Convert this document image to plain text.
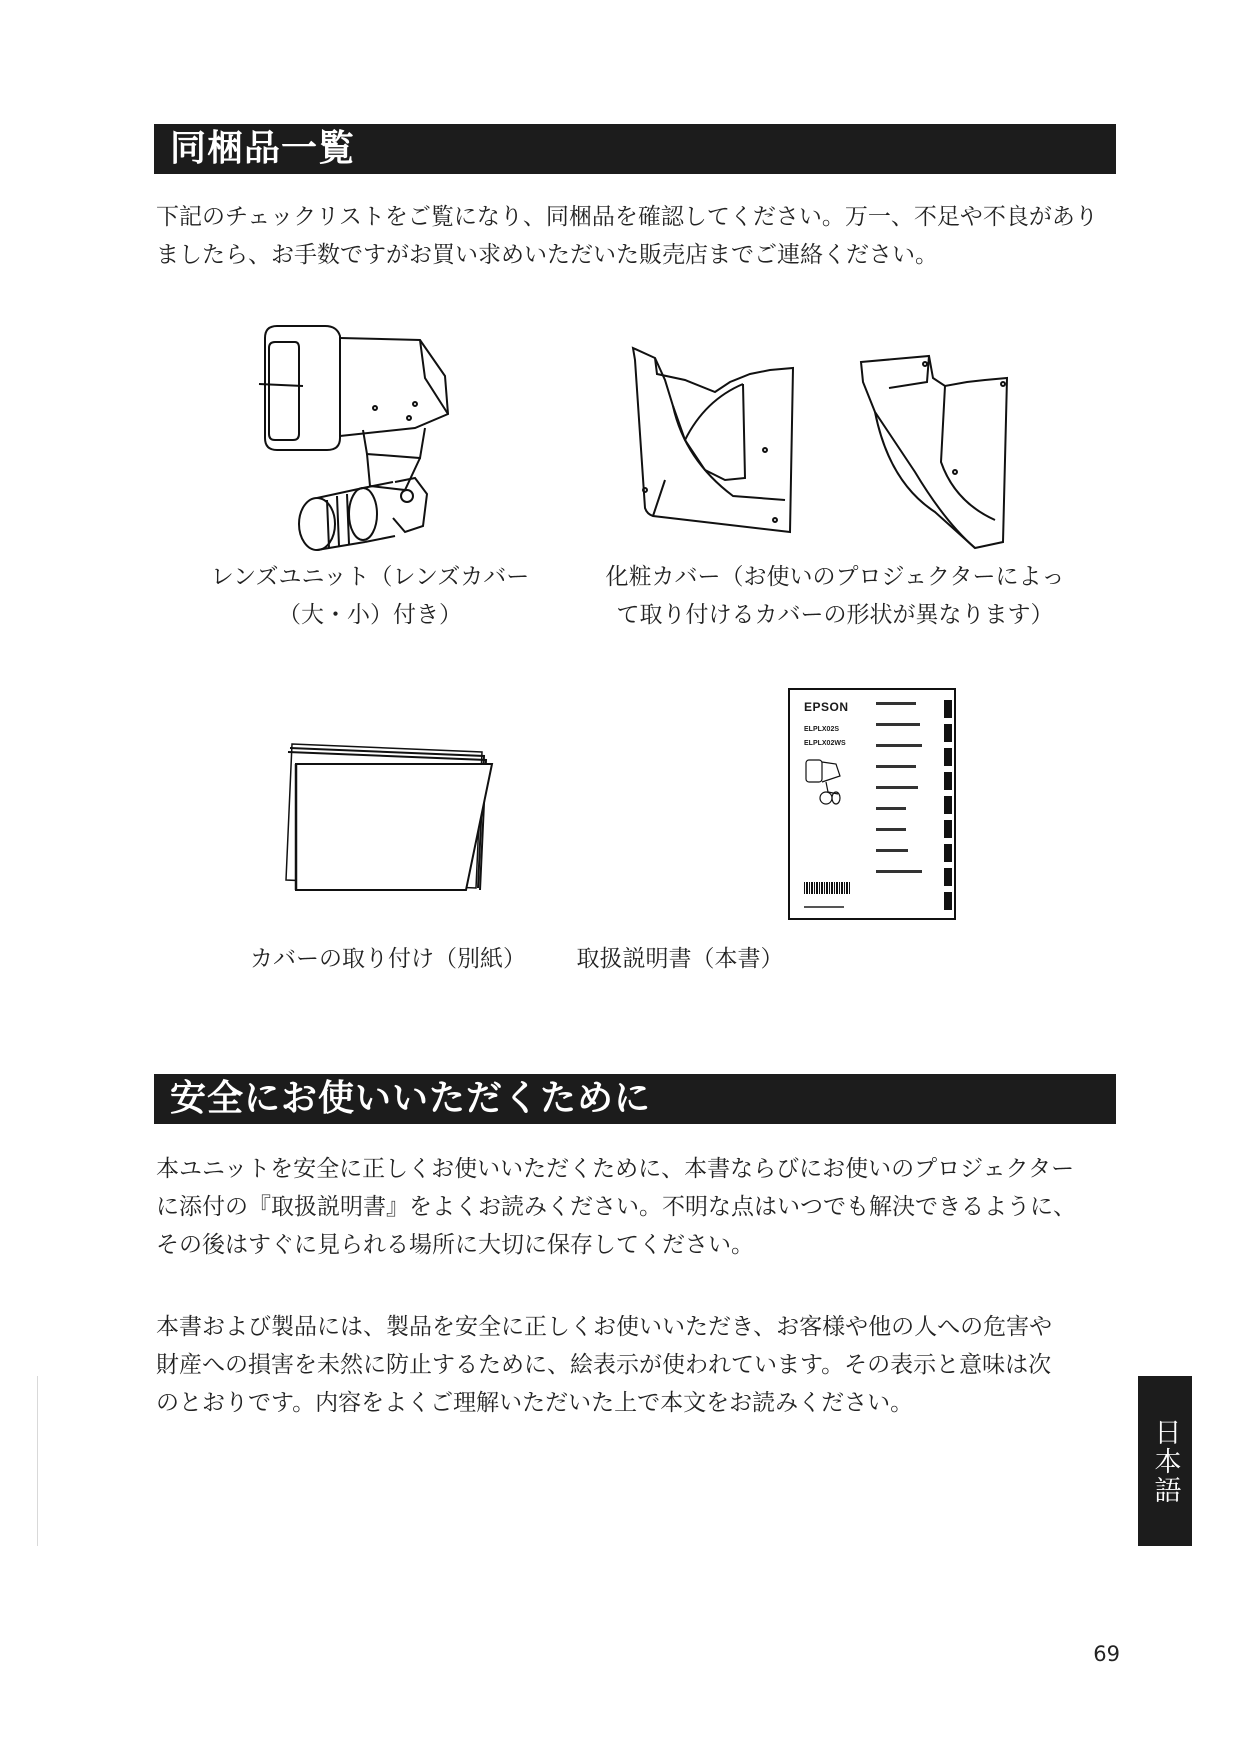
同梱品一覧
下記のチェックリストをご覧になり、同梱品を確認してください。万一、不足や不良があり
ましたら、お手数ですがお買い求めいただいた販売店までご連絡ください。
レンズユニット（レンズカバー
（大・小）付き）
化粧カバー（お使いのプロジェクターによっ
て取り付けるカバーの形状が異なります）
カバーの取り付け（別紙）
EPSON
ELPLX02S
ELPLX02WS
取扱説明書（本書）
安全にお使いいただくために
本ユニットを安全に正しくお使いいただくために、本書ならびにお使いのプロジェクター
に添付の『取扱説明書』をよくお読みください。不明な点はいつでも解決できるように、
その後はすぐに見られる場所に大切に保存してください。
本書および製品には、製品を安全に正しくお使いいただき、お客様や他の人への危害や
財産への損害を未然に防止するために、絵表示が使われています。その表示と意味は次
のとおりです。内容をよくご理解いただいた上で本文をお読みください。
日本語
69
